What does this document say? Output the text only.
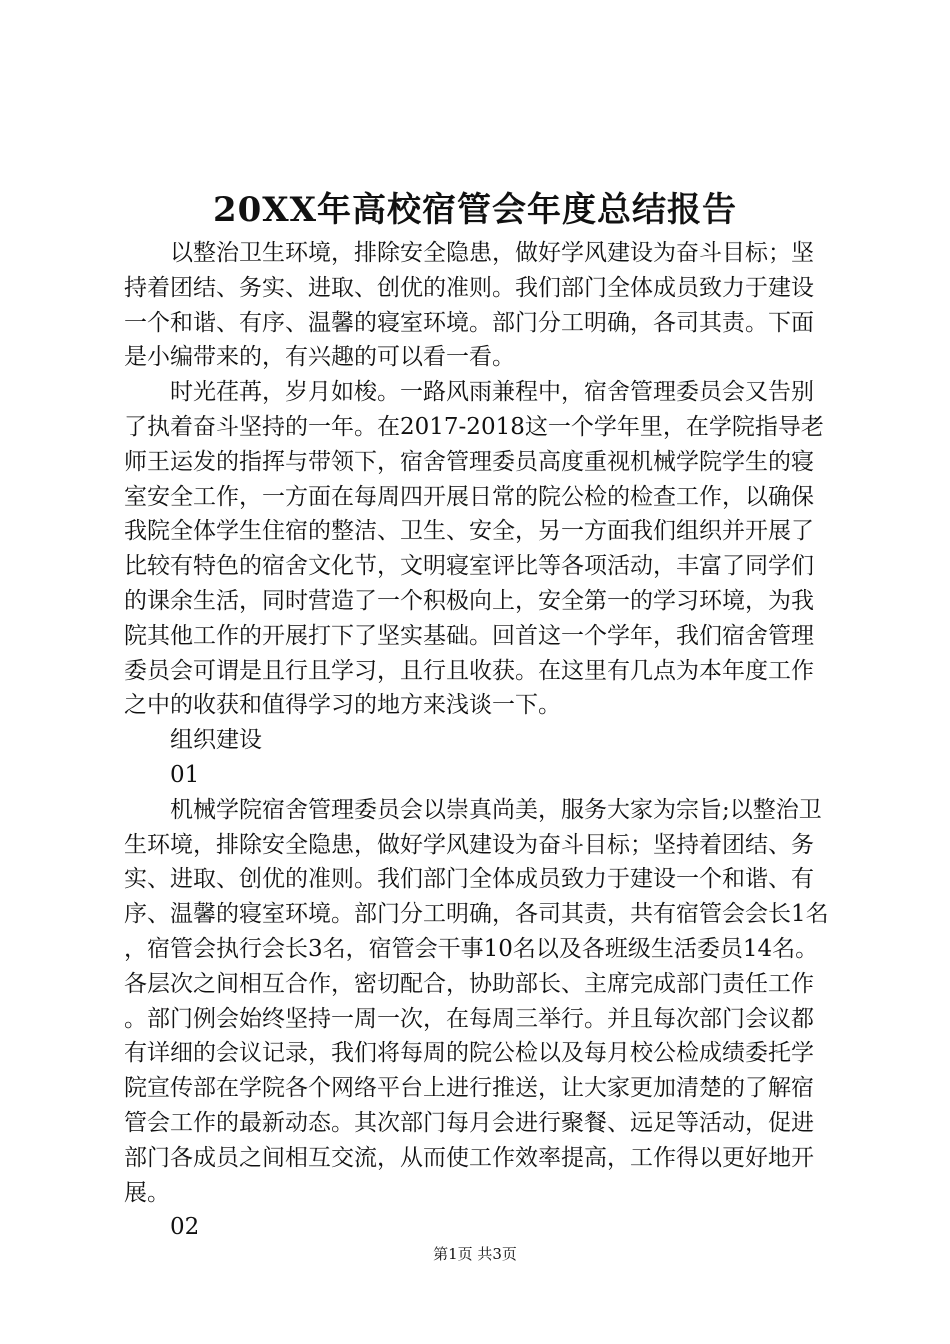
20XX年高校宿管会年度总结报告

以整治卫生环境，排除安全隐患，做好学风建设为奋斗目标；坚持着团结、务实、进取、创优的准则。我们部门全体成员致力于建设一个和谐、有序、温馨的寝室环境。部门分工明确，各司其责。下面是小编带来的，有兴趣的可以看一看。

时光荏苒，岁月如梭。一路风雨兼程中，宿舍管理委员会又告别了执着奋斗坚持的一年。在2017-2018这一个学年里，在学院指导老师王运发的指挥与带领下，宿舍管理委员高度重视机械学院学生的寝室安全工作，一方面在每周四开展日常的院公检的检查工作，以确保我院全体学生住宿的整洁、卫生、安全，另一方面我们组织并开展了比较有特色的宿舍文化节，文明寝室评比等各项活动，丰富了同学们的课余生活，同时营造了一个积极向上，安全第一的学习环境，为我院其他工作的开展打下了坚实基础。回首这一个学年，我们宿舍管理委员会可谓是且行且学习，且行且收获。在这里有几点为本年度工作之中的收获和值得学习的地方来浅谈一下。

组织建设

01

机械学院宿舍管理委员会以崇真尚美，服务大家为宗旨;以整治卫生环境，排除安全隐患，做好学风建设为奋斗目标；坚持着团结、务实、进取、创优的准则。我们部门全体成员致力于建设一个和谐、有序、温馨的寝室环境。部门分工明确，各司其责，共有宿管会会长1名，宿管会执行会长3名，宿管会干事10名以及各班级生活委员14名。各层次之间相互合作，密切配合，协助部长、主席完成部门责任工作。部门例会始终坚持一周一次，在每周三举行。并且每次部门会议都有详细的会议记录，我们将每周的院公检以及每月校公检成绩委托学院宣传部在学院各个网络平台上进行推送，让大家更加清楚的了解宿管会工作的最新动态。其次部门每月会进行聚餐、远足等活动，促进部门各成员之间相互交流，从而使工作效率提高，工作得以更好地开展。

02

第1页 共3页
